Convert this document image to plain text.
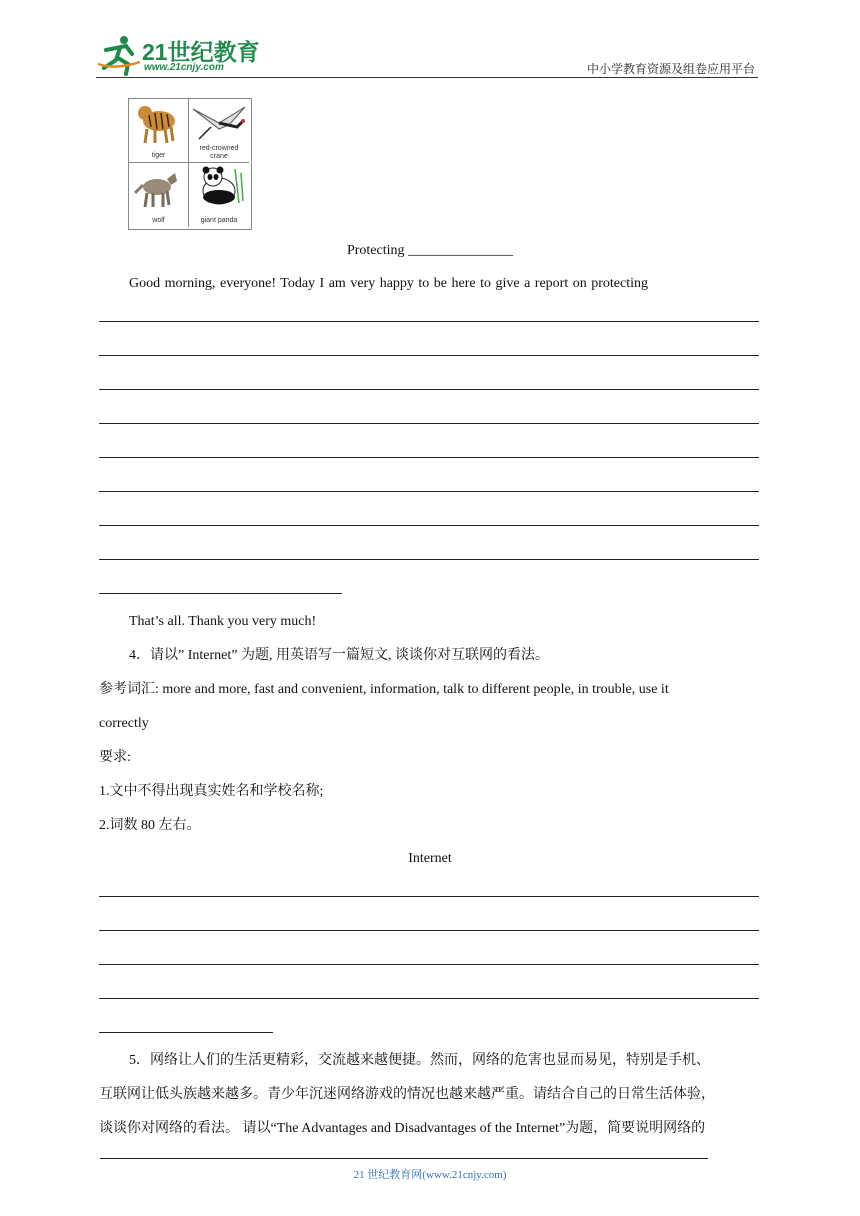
21世纪教育
www.21cnjy.com	中小学教育资源及组卷应用平台
tiger
red-crowned
crane
wolf	giant panda
Protecting _______________
Good morning, everyone! Today I am very happy to be here to give a report on protecting
That’s all. Thank you very much!
4．请以” Internet” 为题, 用英语写一篇短文, 谈谈你对互联网的看法。
参考词汇: more and more, fast and convenient, information, talk to different people, in trouble, use it
correctly
要求:
1.文中不得出现真实姓名和学校名称;
2.词数 80 左右。
Internet
5．网络让人们的生活更精彩，交流越来越便捷。然而，网络的危害也显而易见，特别是手机、
互联网让低头族越来越多。青少年沉迷网络游戏的情况也越来越严重。请结合自己的日常生活体验，
谈谈你对网络的看法。 请以“The Advantages and Disadvantages of the Internet”为题，简要说明网络的
21 世纪教育网(www.21cnjy.com)
